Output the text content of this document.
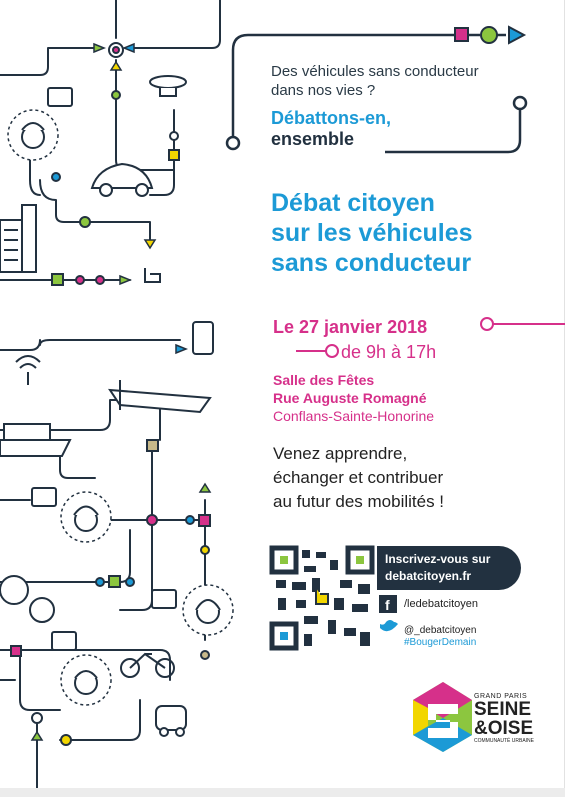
f
Des véhicules sans conducteur
dans nos vies ?
Débattons-en,
ensemble
Débat citoyen
sur les véhicules
sans conducteur
Le 27 janvier 2018
de 9h à 17h
Salle des Fêtes
Rue Auguste Romagné
Conflans-Sainte-Honorine
Venez apprendre,
échanger et contribuer
au futur des mobilités !
Inscrivez-vous sur
debatcitoyen.fr
/ledebatcitoyen
@_debatcitoyen
#BougerDemain
GRAND PARIS
SEINE
&OISE
COMMUNAUTÉ URBAINE
